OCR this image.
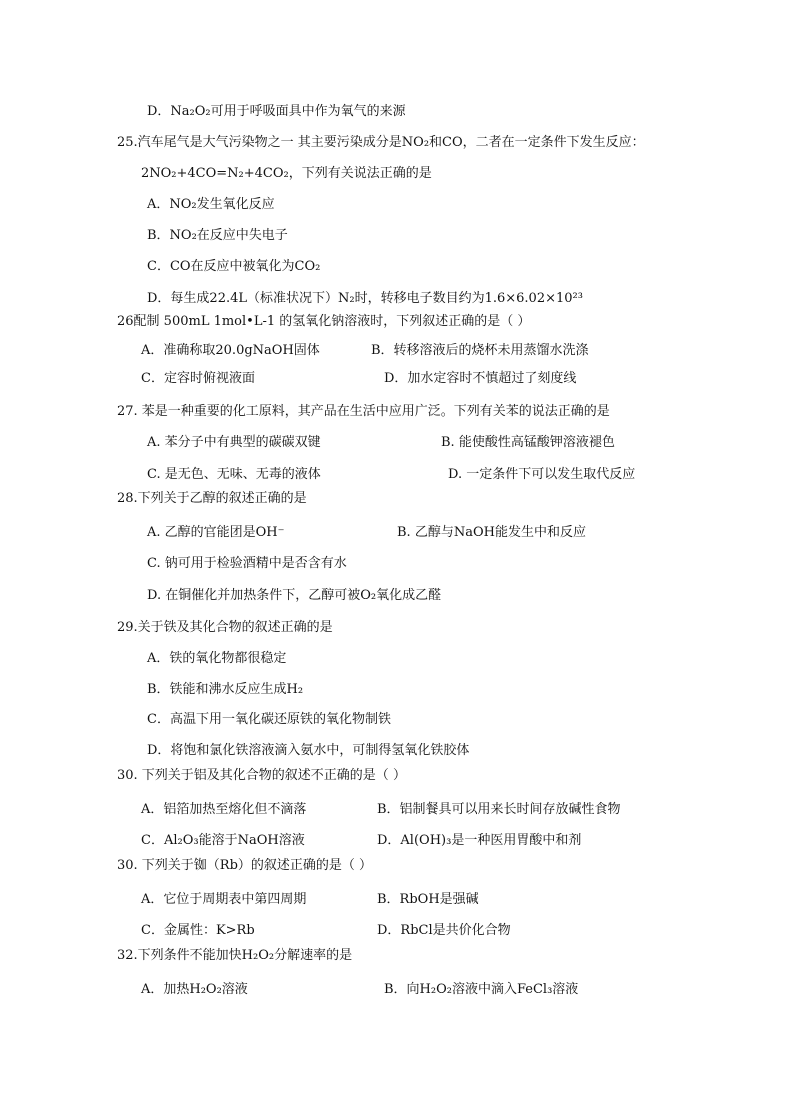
D．Na₂O₂可用于呼吸面具中作为氧气的来源
25.汽车尾气是大气污染物之一 其主要污染成分是NO₂和CO，二者在一定条件下发生反应：
2NO₂+4CO=N₂+4CO₂，下列有关说法正确的是
A．NO₂发生氧化反应
B．NO₂在反应中失电子
C．CO在反应中被氧化为CO₂
D．每生成22.4L（标准状况下）N₂时，转移电子数目约为1.6×6.02×10²³
26配制 500mL 1mol•L-1 的氢氧化钠溶液时，下列叙述正确的是（ ）
A．准确称取20.0gNaOH固体	B．转移溶液后的烧杯未用蒸馏水洗涤
C．定容时俯视液面	D．加水定容时不慎超过了刻度线
27. 苯是一种重要的化工原料，其产品在生活中应用广泛。下列有关苯的说法正确的是
A. 苯分子中有典型的碳碳双键	B. 能使酸性高锰酸钾溶液褪色
C. 是无色、无味、无毒的液体	D. 一定条件下可以发生取代反应
28.下列关于乙醇的叙述正确的是
A. 乙醇的官能团是OH⁻	B. 乙醇与NaOH能发生中和反应
C. 钠可用于检验酒精中是否含有水
D. 在铜催化并加热条件下，乙醇可被O₂氧化成乙醛
29.关于铁及其化合物的叙述正确的是
A．铁的氧化物都很稳定
B．铁能和沸水反应生成H₂
C．高温下用一氧化碳还原铁的氧化物制铁
D．将饱和氯化铁溶液滴入氨水中，可制得氢氧化铁胶体
30. 下列关于铝及其化合物的叙述不正确的是（ ）
A．铝箔加热至熔化但不滴落	B．铝制餐具可以用来长时间存放碱性食物
C．Al₂O₃能溶于NaOH溶液	D．Al(OH)₃是一种医用胃酸中和剂
30. 下列关于铷（Rb）的叙述正确的是（ ）
A．它位于周期表中第四周期	B．RbOH是强碱
C．金属性：K>Rb	D．RbCl是共价化合物
32.下列条件不能加快H₂O₂分解速率的是
A．加热H₂O₂溶液	B．向H₂O₂溶液中滴入FeCl₃溶液
